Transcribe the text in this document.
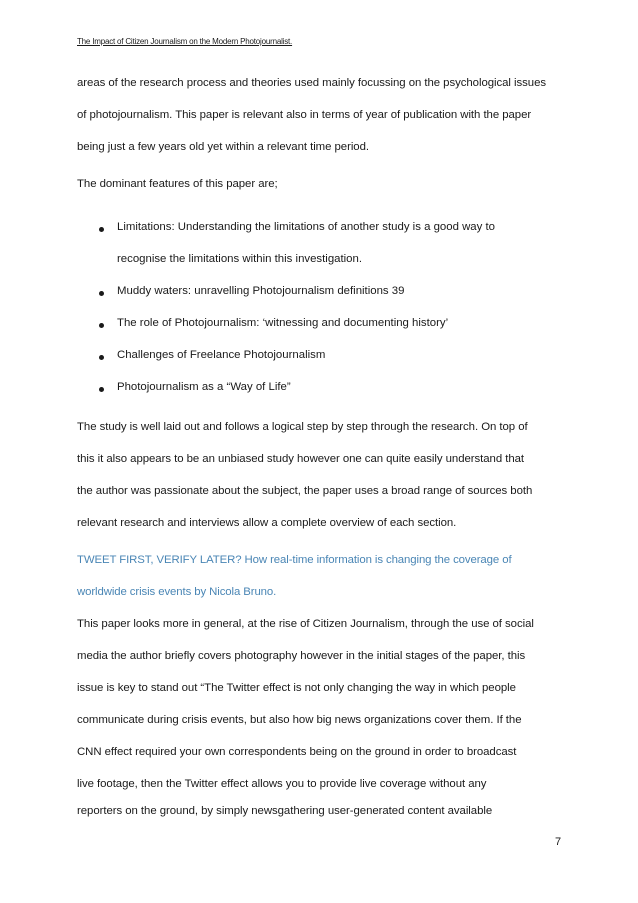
The Impact of Citizen Journalism on the Modern Photojournalist.
areas of the research process and theories used mainly focussing on the psychological issues
of photojournalism. This paper is relevant also in terms of year of publication with the paper
being just a few years old yet within a relevant time period.
The dominant features of this paper are;
Limitations: Understanding the limitations of another study is a good way to
recognise the limitations within this investigation.
Muddy waters: unravelling Photojournalism definitions 39
The role of Photojournalism: ‘witnessing and documenting history’
Challenges of Freelance Photojournalism
Photojournalism as a “Way of Life”
The study is well laid out and follows a logical step by step through the research. On top of
this it also appears to be an unbiased study however one can quite easily understand that
the author was passionate about the subject, the paper uses a broad range of sources both
relevant research and interviews allow a complete overview of each section.
TWEET FIRST, VERIFY LATER? How real-time information is changing the coverage of
worldwide crisis events by Nicola Bruno.
This paper looks more in general, at the rise of Citizen Journalism, through the use of social
media the author briefly covers photography however in the initial stages of the paper, this
issue is key to stand out “The Twitter effect is not only changing the way in which people
communicate during crisis events, but also how big news organizations cover them. If the
CNN effect required your own correspondents being on the ground in order to broadcast
live footage, then the Twitter effect allows you to provide live coverage without any
reporters on the ground, by simply newsgathering user-generated content available
7
